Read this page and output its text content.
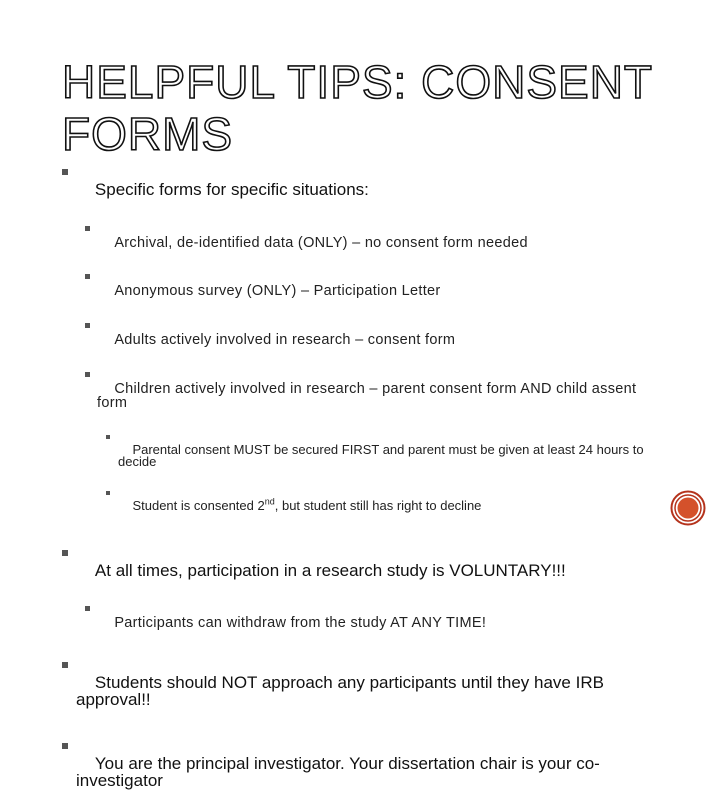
HELPFUL TIPS: CONSENT FORMS

Specific forms for specific situations:

Archival, de-identified data (ONLY) – no consent form needed

Anonymous survey (ONLY) – Participation Letter

Adults actively involved in research – consent form

Children actively involved in research – parent consent form AND child assent form

Parental consent MUST be secured FIRST and parent must be given at least 24 hours to decide

Student is consented 2nd, but student still has right to decline

At all times, participation in a research study is VOLUNTARY!!!

Participants can withdraw from the study AT ANY TIME!

Students should NOT approach any participants until they have IRB approval!!

You are the principal investigator. Your dissertation chair is your co-investigator
